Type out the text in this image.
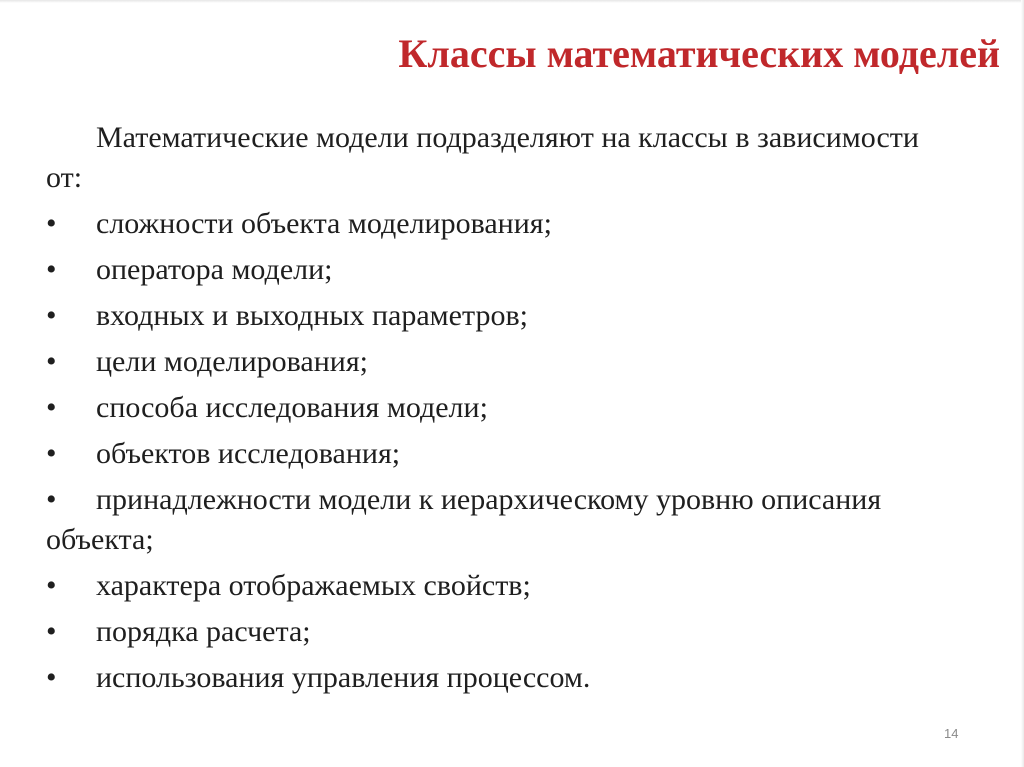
Классы математических моделей

Математические модели подразделяют на классы в зависимости от:

•	сложности объекта моделирования;
•	оператора модели;
•	входных и выходных параметров;
•	цели моделирования;
•	способа исследования модели;
•	объектов исследования;
•	принадлежности модели к иерархическому уровню описания объекта;
•	характера отображаемых свойств;
•	порядка расчета;
•	использования управления процессом.
14
